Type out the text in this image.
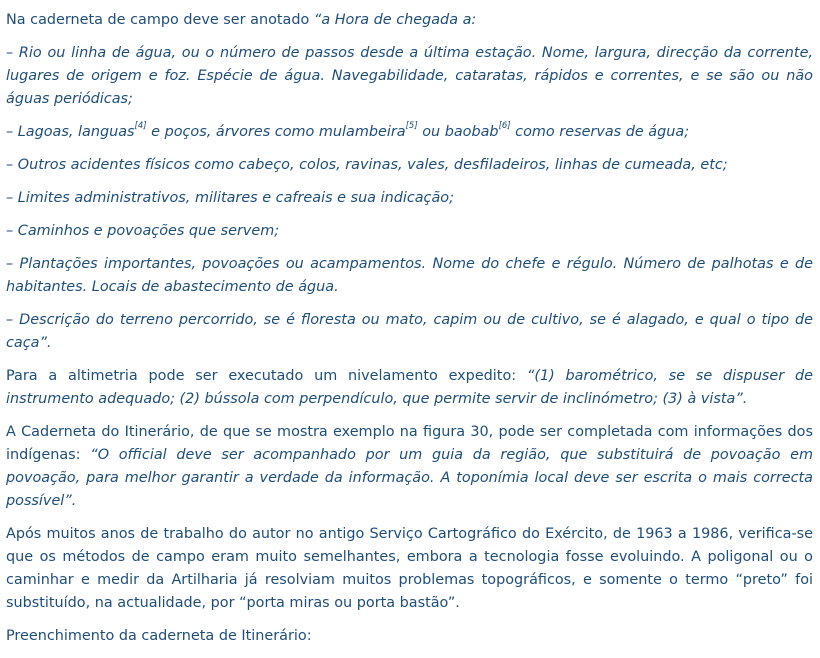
Na caderneta de campo deve ser anotado “a Hora de chegada a:

– Rio ou linha de água, ou o número de passos desde a última estação. Nome, largura, direcção da corrente, lugares de origem e foz. Espécie de água. Navegabilidade, cataratas, rápidos e correntes, e se são ou não águas periódicas;

– Lagoas, languas[4] e poços, árvores como mulambeira[5] ou baobab[6] como reservas de água;

– Outros acidentes físicos como cabeço, colos, ravinas, vales, desfiladeiros, linhas de cumeada, etc;

– Limites administrativos, militares e cafreais e sua indicação;

– Caminhos e povoações que servem;

– Plantações importantes, povoações ou acampamentos. Nome do chefe e régulo. Número de palhotas e de habitantes. Locais de abastecimento de água.

– Descrição do terreno percorrido, se é floresta ou mato, capim ou de cultivo, se é alagado, e qual o tipo de caça”.

Para a altimetria pode ser executado um nivelamento expedito: “(1) barométrico, se se dispuser de instrumento adequado; (2) bússola com perpendículo, que permite servir de inclinómetro; (3) à vista”.

A Caderneta do Itinerário, de que se mostra exemplo na figura 30, pode ser completada com informações dos indígenas: “O official deve ser acompanhado por um guia da região, que substituirá de povoação em povoação, para melhor garantir a verdade da informação. A toponímia local deve ser escrita o mais correcta possível”.

Após muitos anos de trabalho do autor no antigo Serviço Cartográfico do Exército, de 1963 a 1986, verifica-se que os métodos de campo eram muito semelhantes, embora a tecnologia fosse evoluindo. A poligonal ou o caminhar e medir da Artilharia já resolviam muitos problemas topográficos, e somente o termo “preto” foi substituído, na actualidade, por “porta miras ou porta bastão”.

Preenchimento da caderneta de Itinerário:
